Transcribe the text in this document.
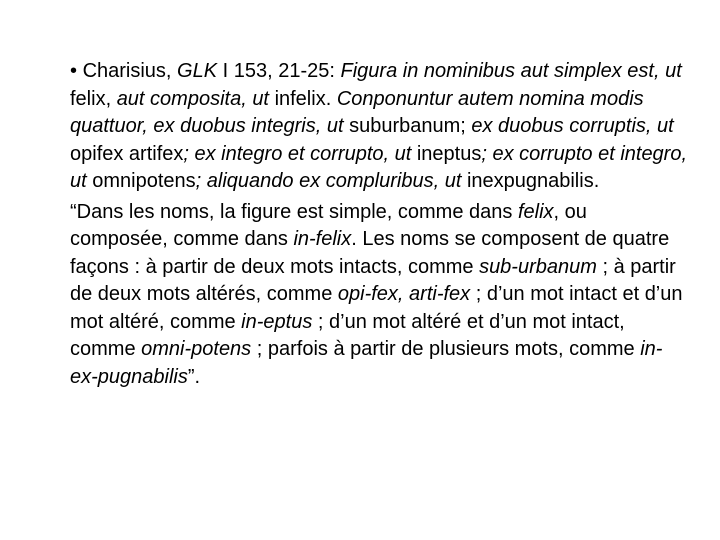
• Charisius, GLK I 153, 21-25: Figura in nominibus aut simplex est, ut felix, aut composita, ut infelix. Conponuntur autem nomina modis quattuor, ex duobus integris, ut suburbanum; ex duobus corruptis, ut opifex artifex; ex integro et corrupto, ut ineptus; ex corrupto et integro, ut omnipotens; aliquando ex compluribus, ut inexpugnabilis.

“Dans les noms, la figure est simple, comme dans felix, ou composée, comme dans in-felix. Les noms se composent de quatre façons : à partir de deux mots intacts, comme sub-urbanum ; à partir de deux mots altérés, comme opi-fex, arti-fex ; d’un mot intact et d’un mot altéré, comme in-eptus ; d’un mot altéré et d’un mot intact, comme omni-potens ; parfois à partir de plusieurs mots, comme in-ex-pugnabilis”.
